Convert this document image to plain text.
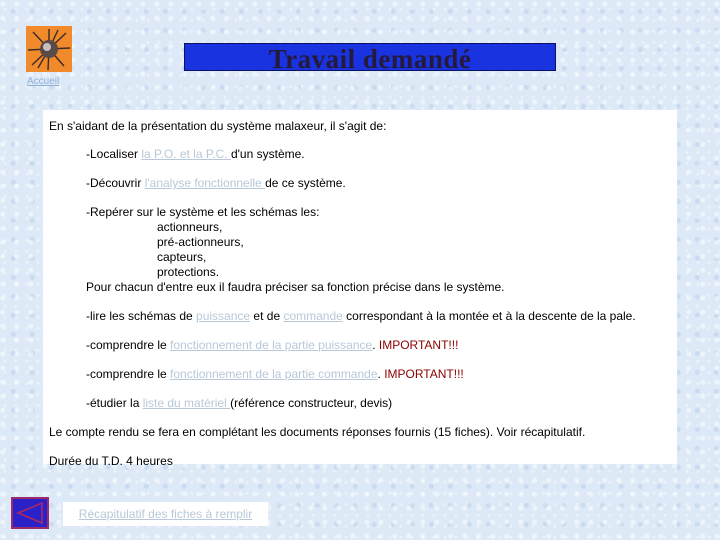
Accueil
Travail demandé

En s'aidant de la présentation du système malaxeur, il s'agit de:

-Localiser la P.O. et la P.C. d'un système.

-Découvrir l'analyse fonctionnelle de ce système.

-Repérer sur le système et les schémas les:

actionneurs,

pré-actionneurs,

capteurs,

protections.

Pour chacun d'entre eux il faudra préciser sa fonction précise dans le système.

-lire les schémas de puissance et de commande correspondant à la montée et à la descente de la pale.

-comprendre le fonctionnement de la partie puissance. IMPORTANT!!!

-comprendre le fonctionnement de la partie commande. IMPORTANT!!!

-étudier la liste du matériel (référence constructeur, devis)

Le compte rendu se fera en complétant les documents réponses fournis (15 fiches). Voir récapitulatif.

Durée du T.D. 4 heures

Récapitulatif des fiches à remplir
